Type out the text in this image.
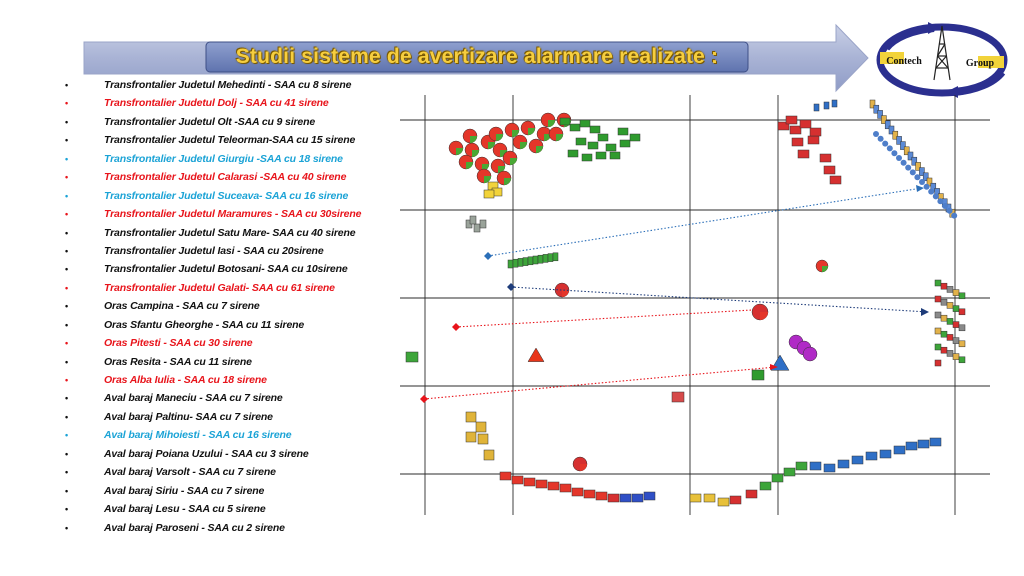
Studii sisteme de avertizare alarmare realizate :	Contech	Group
•	Transfrontalier Judetul Mehedinti - SAA cu 8 sirene
•	Transfrontalier Judetul Dolj - SAA cu 41 sirene
•	Transfrontalier Judetul Olt -SAA cu 9 sirene
•	Transfrontalier Judetul Teleorman-SAA cu 15 sirene
•	Transfrontalier Judetul Giurgiu -SAA cu 18 sirene
•	Transfrontalier Judetul Calarasi -SAA cu 40 sirene
•	Transfrontalier Judetul Suceava- SAA cu 16 sirene
•	Transfrontalier Judetul Maramures - SAA cu 30sirene
•	Transfrontalier Judetul Satu Mare- SAA cu 40 sirene
•	Transfrontalier Judetul Iasi - SAA cu 20sirene
•	Transfrontalier Judetul Botosani- SAA cu 10sirene
•	Transfrontalier Judetul Galati- SAA cu 61 sirene
•	Oras Campina - SAA cu 7 sirene
•	Oras Sfantu Gheorghe - SAA cu 11 sirene
•	Oras Pitesti - SAA cu 30 sirene
•	Oras Resita - SAA cu 11 sirene
•	Oras Alba Iulia - SAA cu 18 sirene
•	Aval baraj Maneciu - SAA cu 7 sirene
•	Aval baraj Paltinu- SAA cu 7 sirene
•	Aval baraj Mihoiesti - SAA cu 16 sirene
•	Aval baraj Poiana Uzului - SAA cu 3 sirene
•	Aval baraj Varsolt - SAA cu 7 sirene
•	Aval baraj Siriu - SAA cu 7 sirene
•	Aval baraj Lesu - SAA cu 5 sirene
•	Aval baraj Paroseni - SAA cu 2 sirene
